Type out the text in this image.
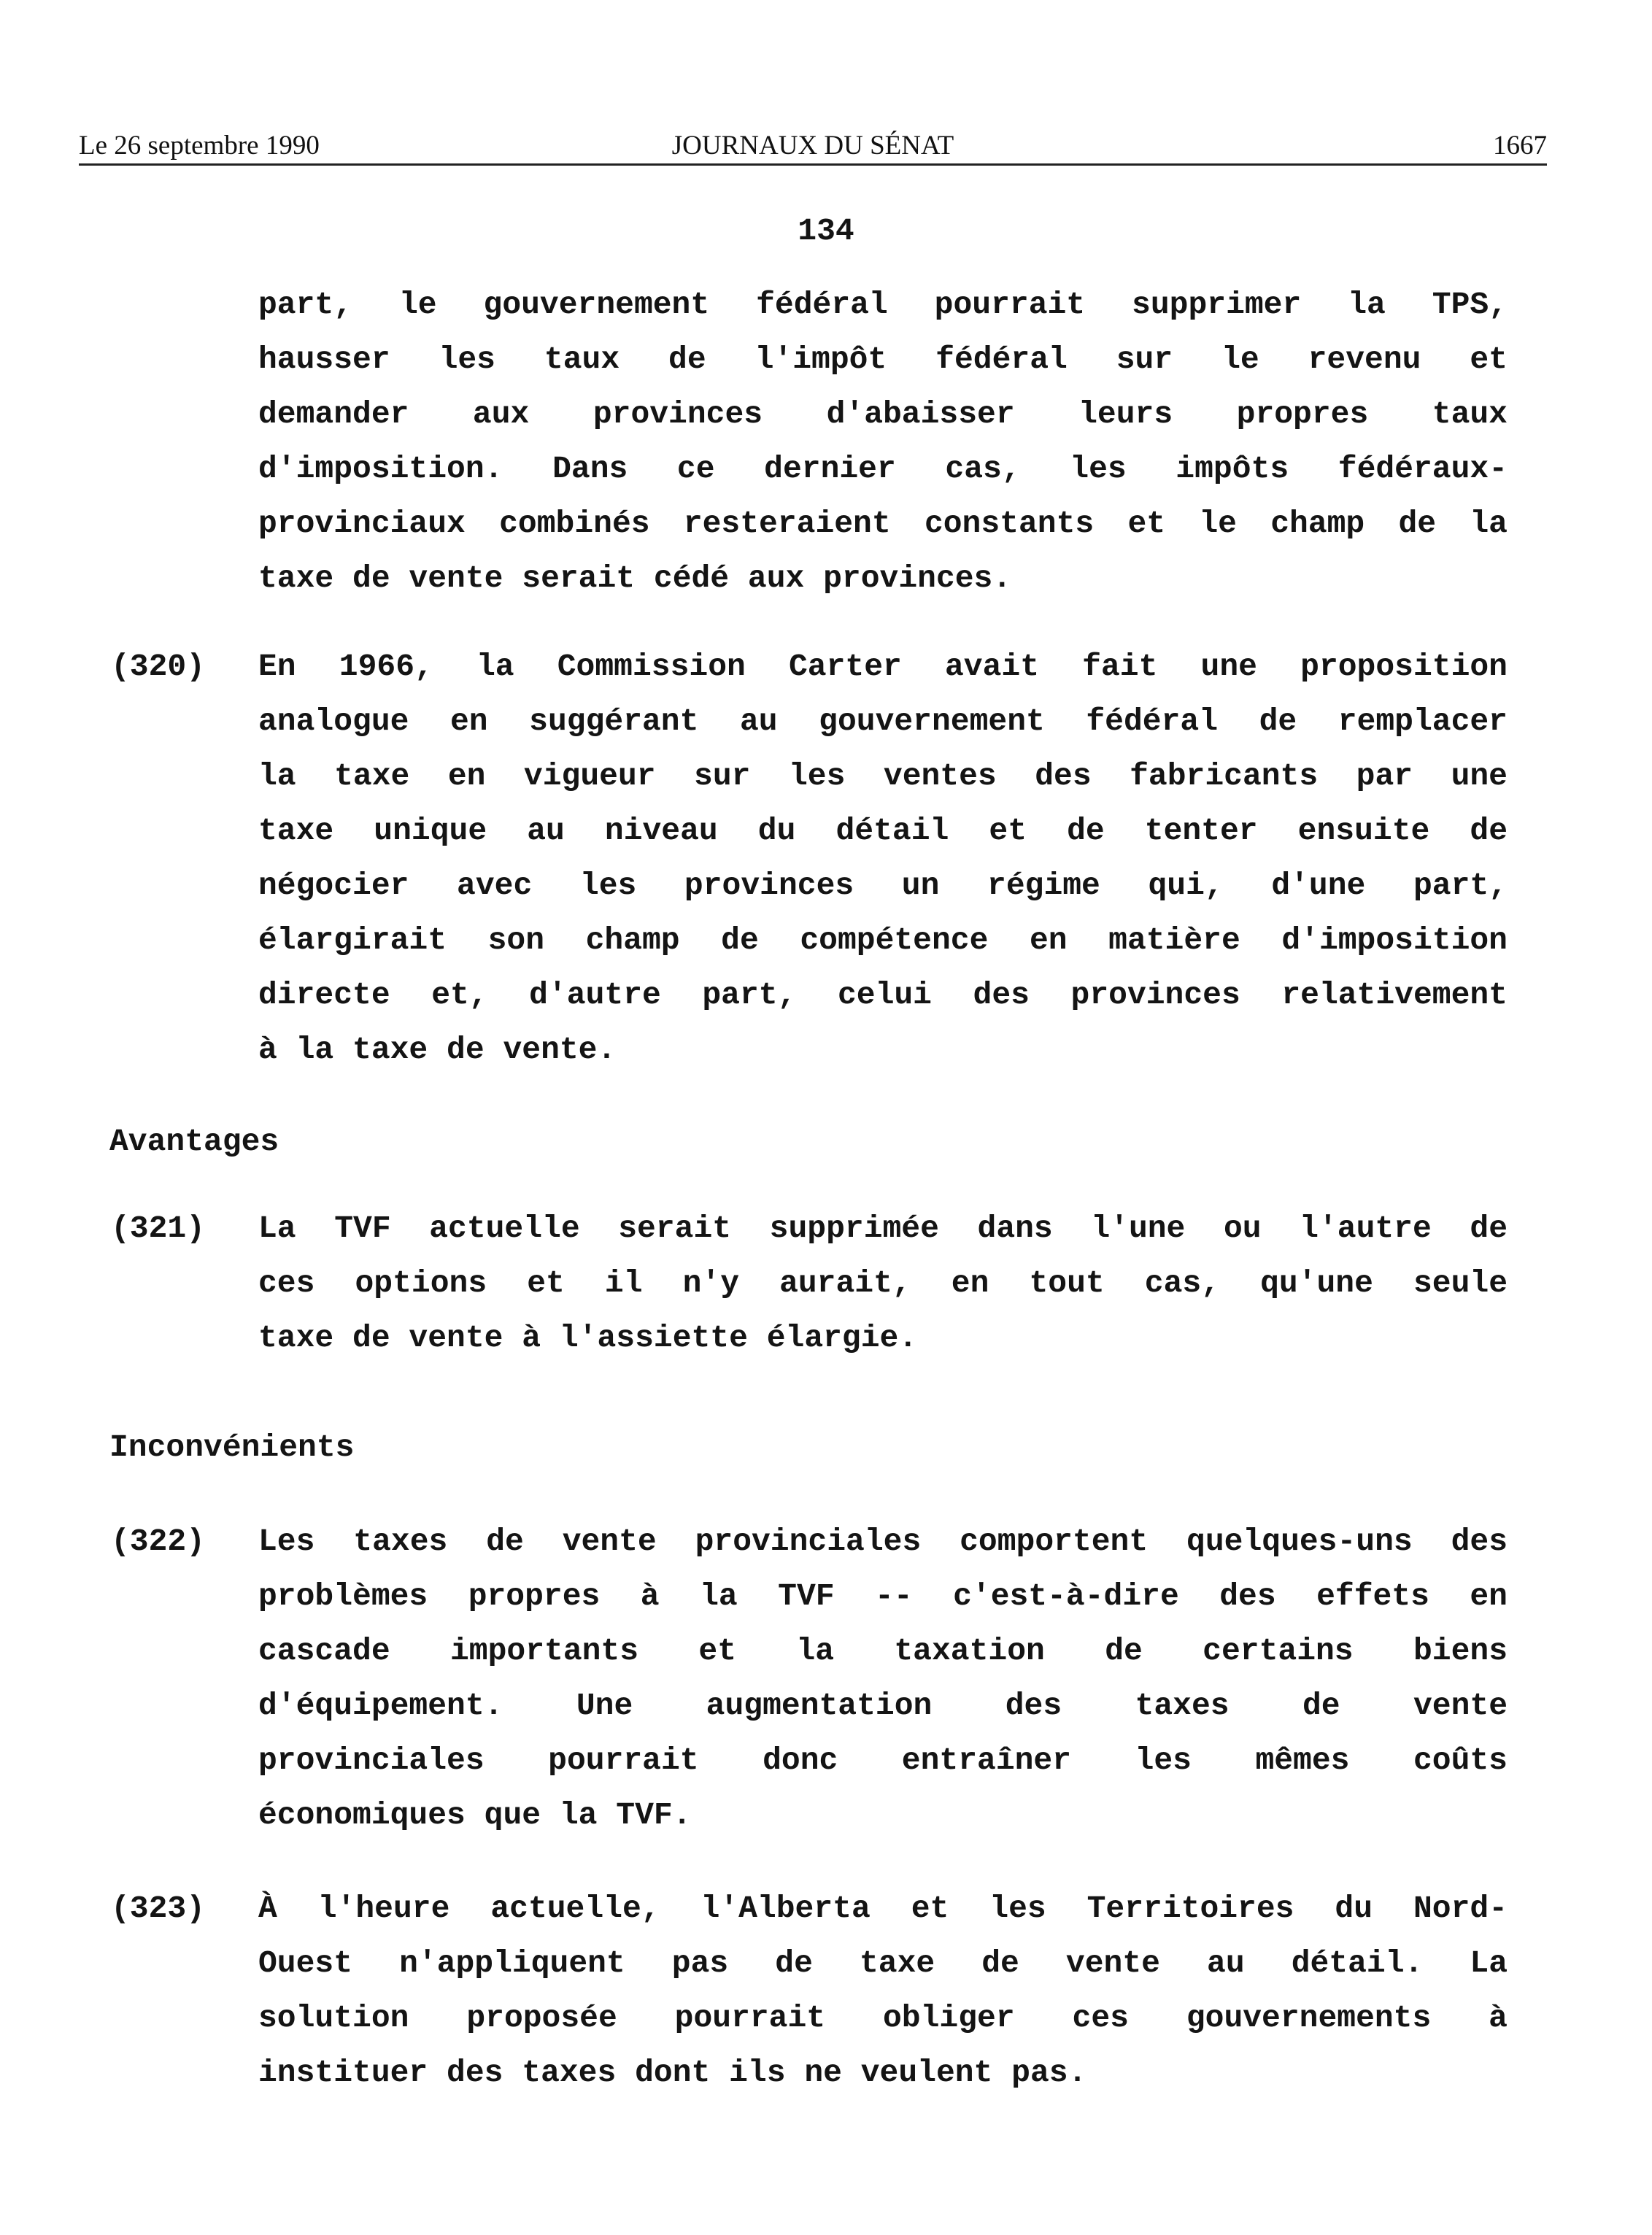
Le 26 septembre 1990	JOURNAUX DU SÉNAT	1667
134
part, le gouvernement fédéral pourrait supprimer la TPS,
hausser les taux de l'impôt fédéral sur le revenu et
demander aux provinces d'abaisser leurs propres taux
d'imposition. Dans ce dernier cas, les impôts fédéraux-
provinciaux combinés resteraient constants et le champ de la
taxe de vente serait cédé aux provinces.
(320) En 1966, la Commission Carter avait fait une proposition
analogue en suggérant au gouvernement fédéral de remplacer
la taxe en vigueur sur les ventes des fabricants par une
taxe unique au niveau du détail et de tenter ensuite de
négocier avec les provinces un régime qui, d'une part,
élargirait son champ de compétence en matière d'imposition
directe et, d'autre part, celui des provinces relativement
à la taxe de vente.
Avantages
(321) La TVF actuelle serait supprimée dans l'une ou l'autre de
ces options et il n'y aurait, en tout cas, qu'une seule
taxe de vente à l'assiette élargie.
Inconvénients
(322) Les taxes de vente provinciales comportent quelques-uns des
problèmes propres à la TVF -- c'est-à-dire des effets en
cascade importants et la taxation de certains biens
d'équipement. Une augmentation des taxes de vente
provinciales pourrait donc entraîner les mêmes coûts
économiques que la TVF.
(323) À l'heure actuelle, l'Alberta et les Territoires du Nord-
Ouest n'appliquent pas de taxe de vente au détail. La
solution proposée pourrait obliger ces gouvernements à
instituer des taxes dont ils ne veulent pas.
